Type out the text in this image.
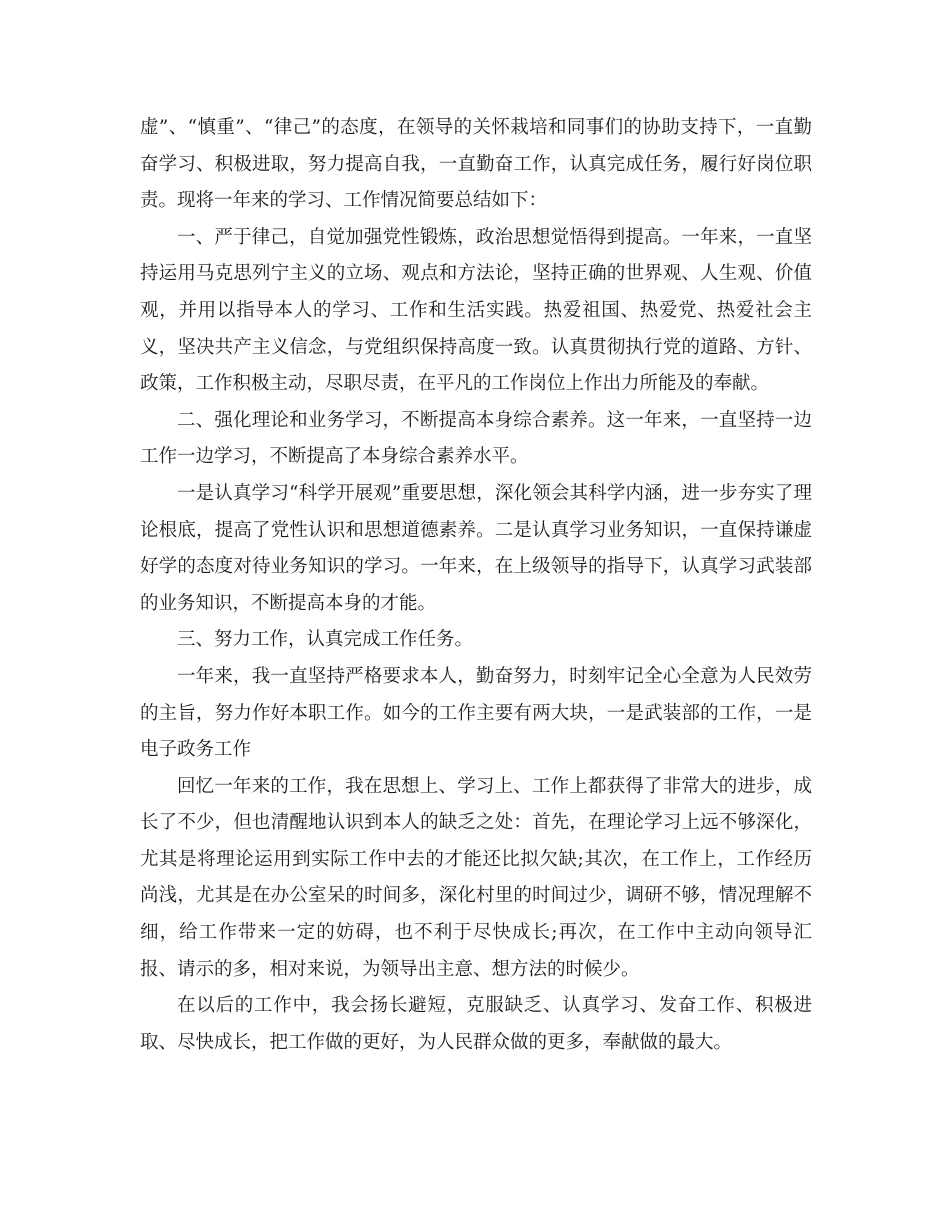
虚”、“慎重”、“律己”的态度，在领导的关怀栽培和同事们的协助支持下，一直勤奋学习、积极进取，努力提高自我，一直勤奋工作，认真完成任务，履行好岗位职责。现将一年来的学习、工作情况简要总结如下：

一、严于律己，自觉加强党性锻炼，政治思想觉悟得到提高。一年来，一直坚持运用马克思列宁主义的立场、观点和方法论，坚持正确的世界观、人生观、价值观，并用以指导本人的学习、工作和生活实践。热爱祖国、热爱党、热爱社会主义，坚决共产主义信念，与党组织保持高度一致。认真贯彻执行党的道路、方针、政策，工作积极主动，尽职尽责，在平凡的工作岗位上作出力所能及的奉献。

二、强化理论和业务学习，不断提高本身综合素养。这一年来，一直坚持一边工作一边学习，不断提高了本身综合素养水平。

一是认真学习“科学开展观”重要思想，深化领会其科学内涵，进一步夯实了理论根底，提高了党性认识和思想道德素养。二是认真学习业务知识，一直保持谦虚好学的态度对待业务知识的学习。一年来，在上级领导的指导下，认真学习武装部的业务知识，不断提高本身的才能。

三、努力工作，认真完成工作任务。

一年来，我一直坚持严格要求本人，勤奋努力，时刻牢记全心全意为人民效劳的主旨，努力作好本职工作。如今的工作主要有两大块，一是武装部的工作，一是电子政务工作

回忆一年来的工作，我在思想上、学习上、工作上都获得了非常大的进步，成长了不少，但也清醒地认识到本人的缺乏之处：首先，在理论学习上远不够深化，尤其是将理论运用到实际工作中去的才能还比拟欠缺;其次，在工作上，工作经历尚浅，尤其是在办公室呆的时间多，深化村里的时间过少，调研不够，情况理解不细，给工作带来一定的妨碍，也不利于尽快成长;再次，在工作中主动向领导汇报、请示的多，相对来说，为领导出主意、想方法的时候少。

在以后的工作中，我会扬长避短，克服缺乏、认真学习、发奋工作、积极进取、尽快成长，把工作做的更好，为人民群众做的更多，奉献做的最大。
